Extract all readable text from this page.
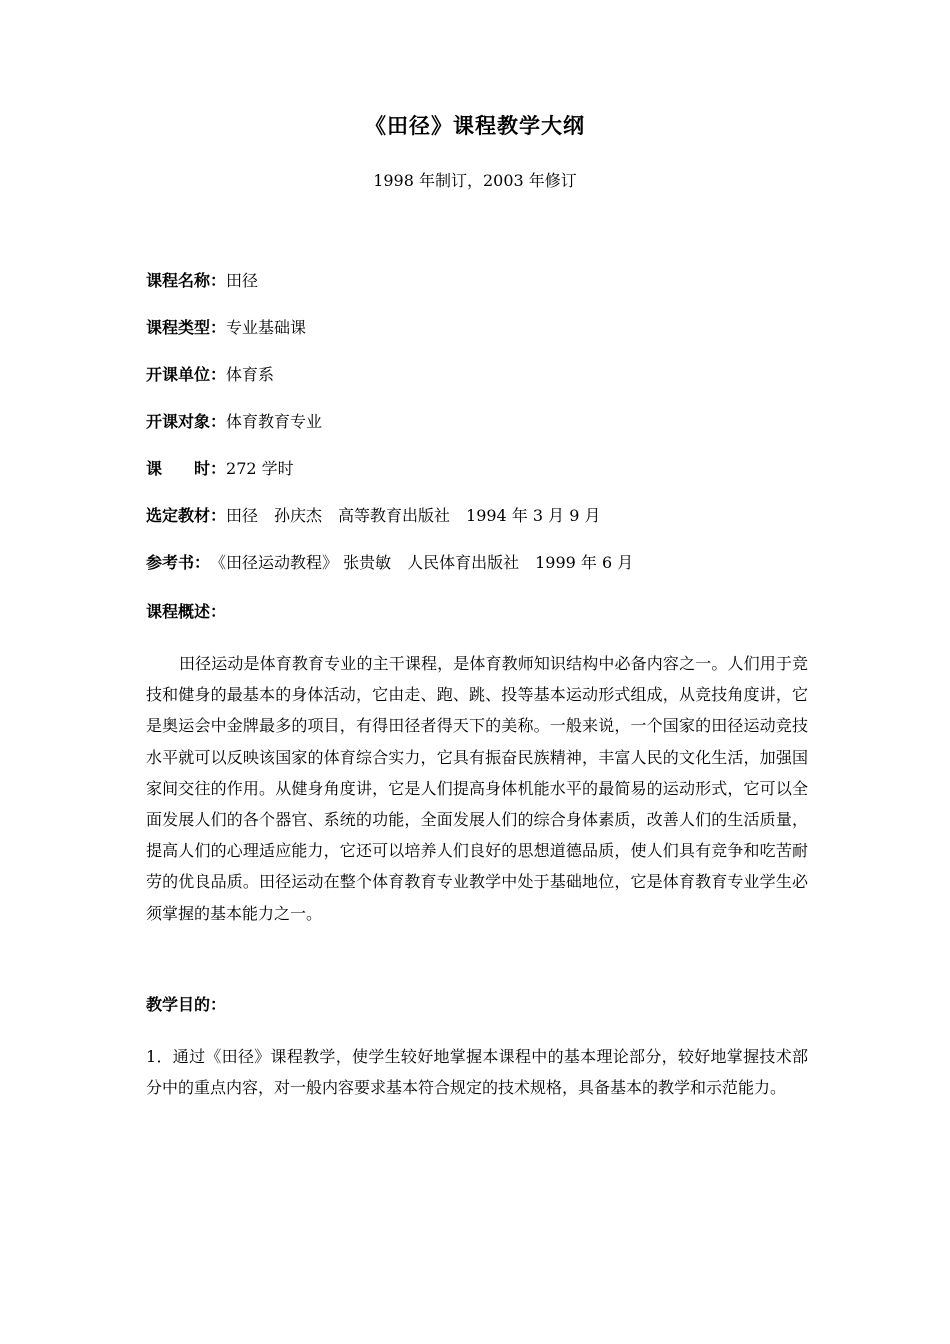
《田径》课程教学大纲
1998 年制订，2003 年修订
课程名称：田径
课程类型：专业基础课
开课单位：体育系
开课对象：体育教育专业
课　　时：272 学时
选定教材：田径　孙庆杰　高等教育出版社　1994 年 3 月 9 月
参考书：　《田径运动教程》 张贵敏　人民体育出版社　1999 年 6 月
课程概述：
田径运动是体育教育专业的主干课程，是体育教师知识结构中必备内容之一。人们用于竞技和健身的最基本的身体活动，它由走、跑、跳、投等基本运动形式组成，从竞技角度讲，它是奥运会中金牌最多的项目，有得田径者得天下的美称。一般来说，一个国家的田径运动竞技水平就可以反映该国家的体育综合实力，它具有振奋民族精神，丰富人民的文化生活，加强国家间交往的作用。从健身角度讲，它是人们提高身体机能水平的最简易的运动形式，它可以全面发展人们的各个器官、系统的功能，全面发展人们的综合身体素质，改善人们的生活质量，提高人们的心理适应能力，它还可以培养人们良好的思想道德品质，使人们具有竞争和吃苦耐劳的优良品质。田径运动在整个体育教育专业教学中处于基础地位，它是体育教育专业学生必须掌握的基本能力之一。
教学目的：
1．通过《田径》课程教学，使学生较好地掌握本课程中的基本理论部分，较好地掌握技术部分中的重点内容，对一般内容要求基本符合规定的技术规格，具备基本的教学和示范能力。
